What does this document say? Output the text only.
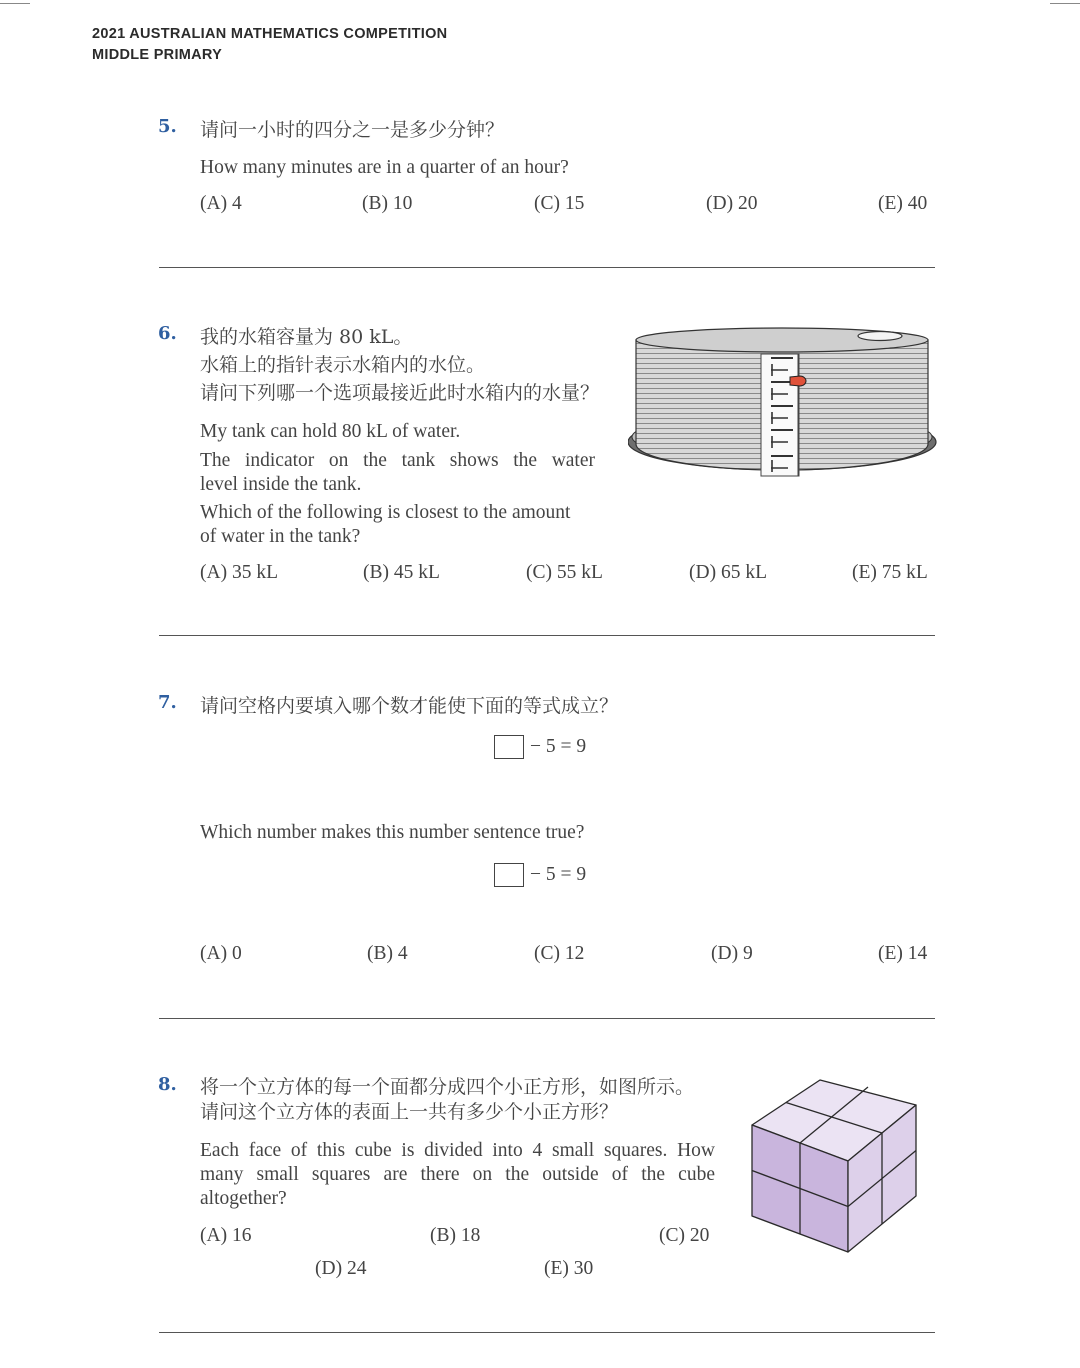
2021 AUSTRALIAN MATHEMATICS COMPETITION
MIDDLE PRIMARY
5. 请问一小时的四分之一是多少分钟？
How many minutes are in a quarter of an hour?
(A) 4	(B) 10	(C) 15	(D) 20	(E) 40
6. 我的水箱容量为 80 kL。
水箱上的指针表示水箱内的水位。
请问下列哪一个选项最接近此时水箱内的水量？
My tank can hold 80 kL of water.
The indicator on the tank shows the water
level inside the tank.
Which of the following is closest to the amount
of water in the tank?
(A) 35 kL	(B) 45 kL	(C) 55 kL	(D) 65 kL	(E) 75 kL
7. 请问空格内要填入哪个数才能使下面的等式成立？
− 5 = 9
Which number makes this number sentence true?
− 5 = 9
(A) 0	(B) 4	(C) 12	(D) 9	(E) 14
8. 将一个立方体的每一个面都分成四个小正方形，如图所示。
请问这个立方体的表面上一共有多少个小正方形？
Each face of this cube is divided into 4 small squares. How
many small squares are there on the outside of the cube
altogether?
(A) 16	(B) 18	(C) 20
(D) 24	(E) 30
